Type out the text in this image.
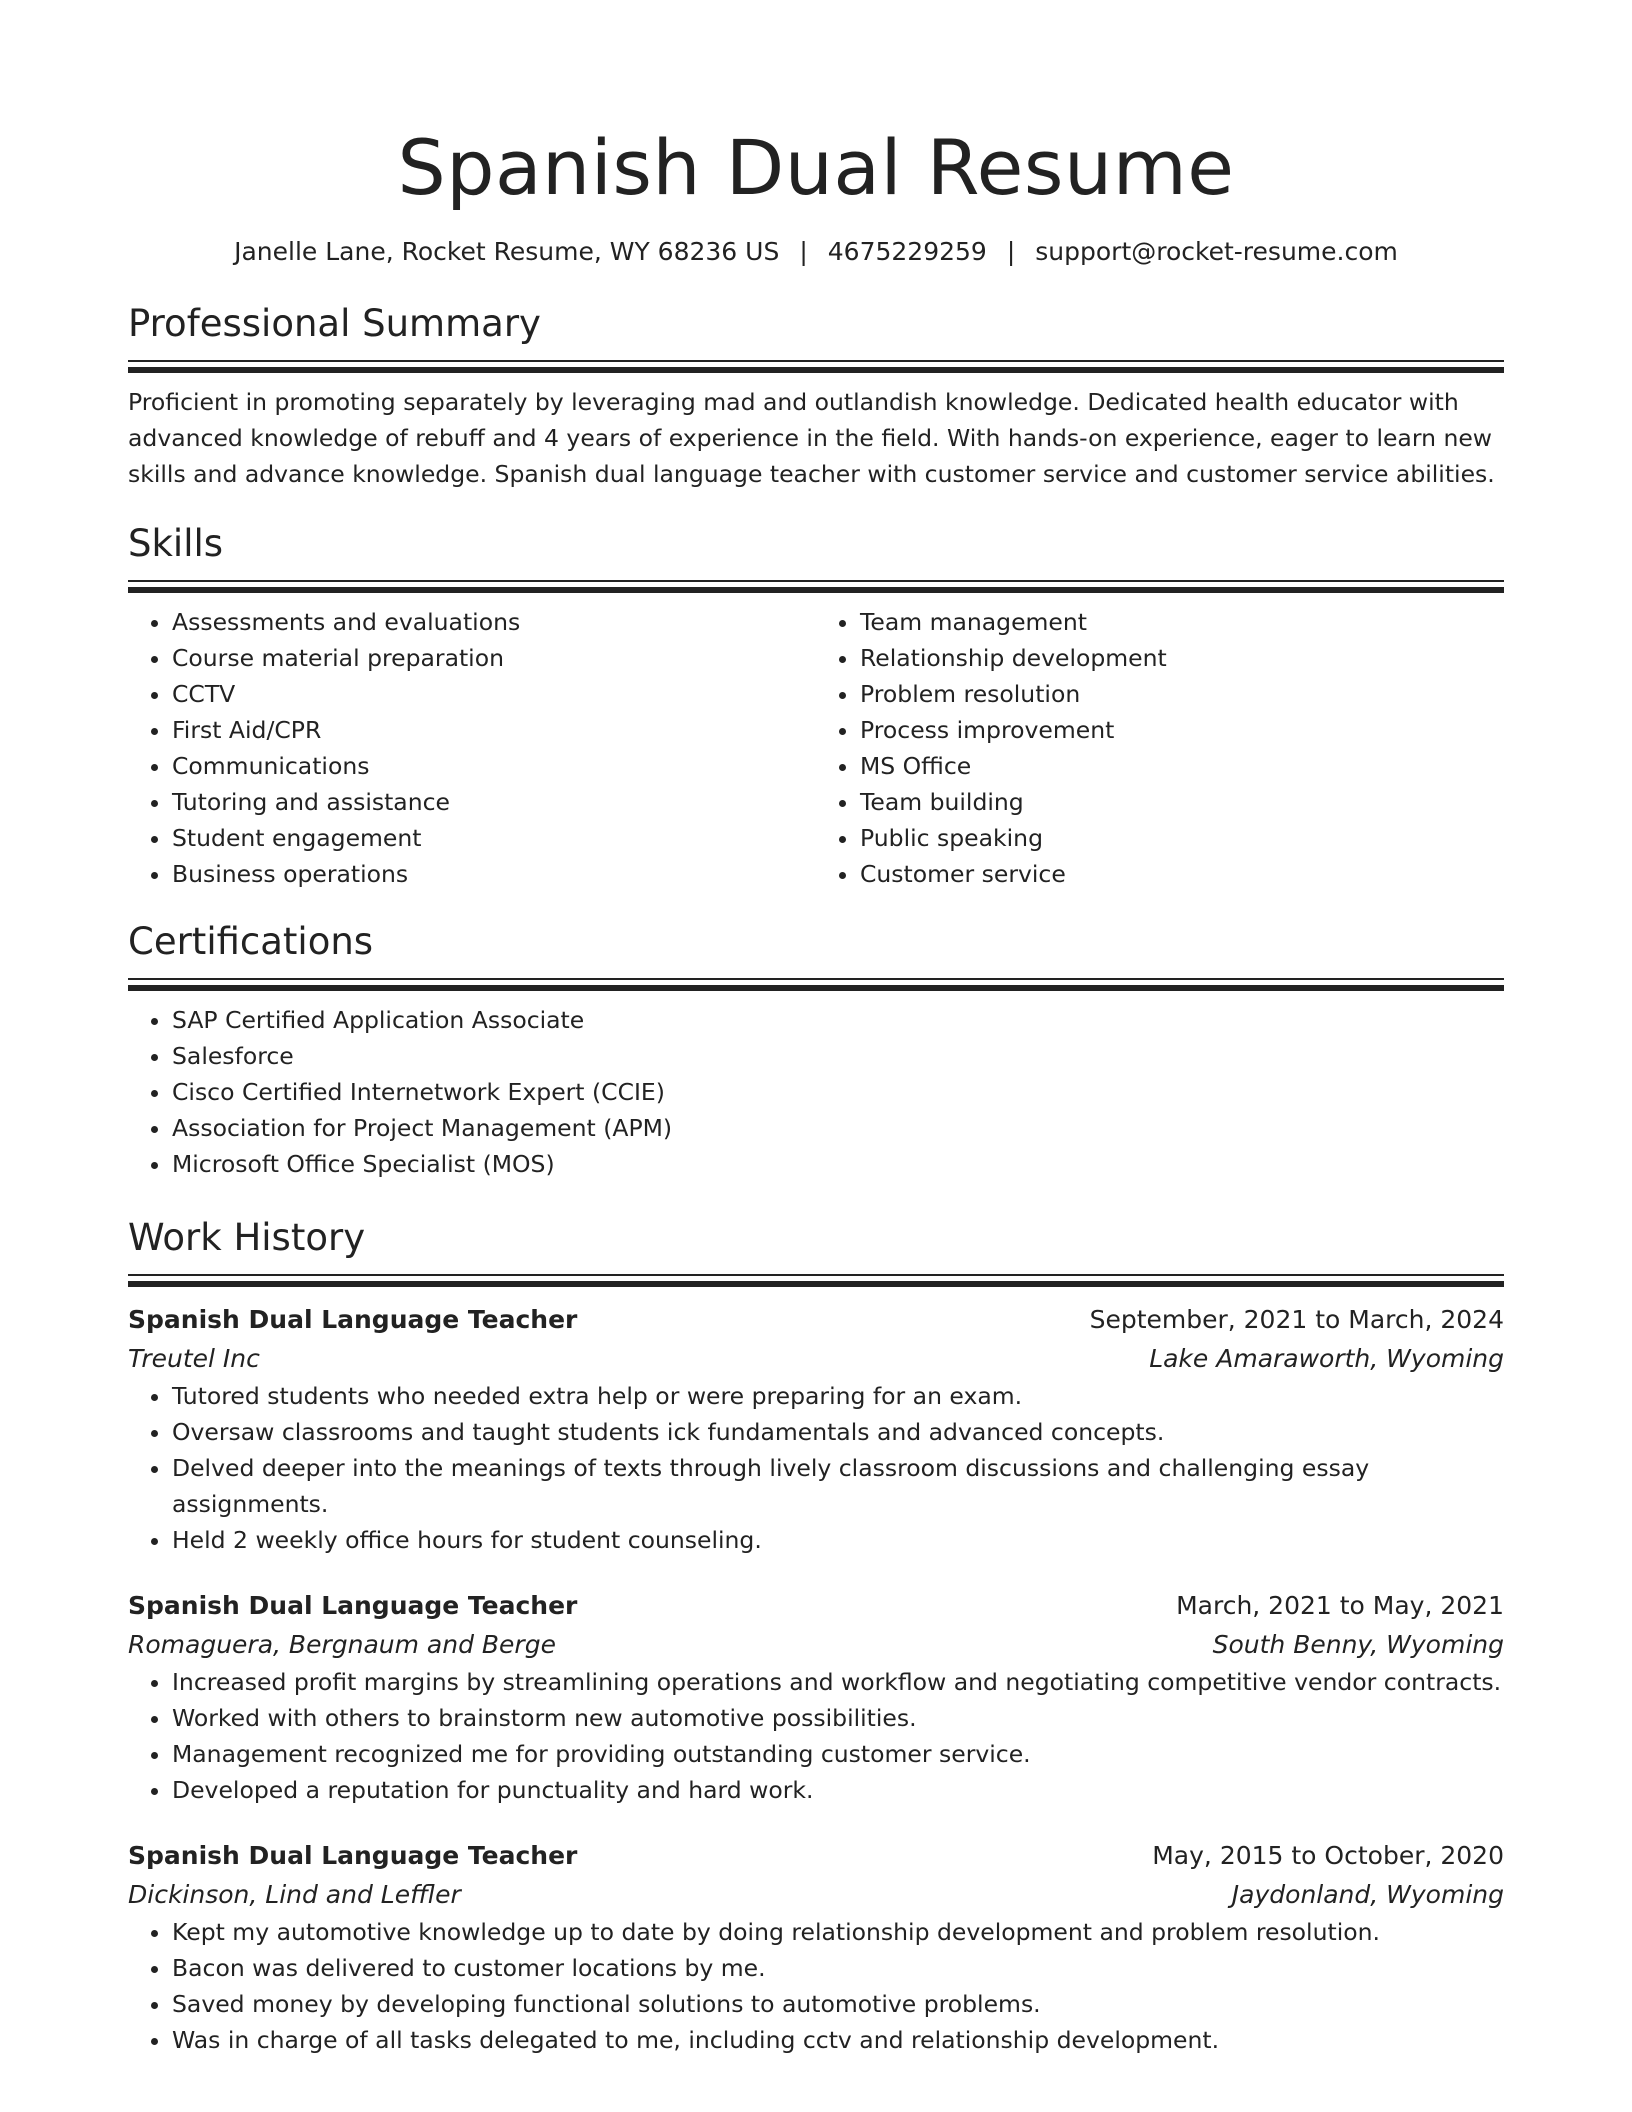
Spanish Dual Resume
Janelle Lane, Rocket Resume, WY 68236 US | 4675229259 | support@rocket-resume.com
Professional Summary

Proficient in promoting separately by leveraging mad and outlandish knowledge. Dedicated health educator with advanced knowledge of rebuff and 4 years of experience in the field. With hands-on experience, eager to learn new skills and advance knowledge. Spanish dual language teacher with customer service and customer service abilities.

Skills
• Assessments and evaluations
• Course material preparation
• CCTV
• First Aid/CPR
• Communications
• Tutoring and assistance
• Student engagement
• Business operations
• Team management
• Relationship development
• Problem resolution
• Process improvement
• MS Office
• Team building
• Public speaking
• Customer service
Certifications
• SAP Certified Application Associate
• Salesforce
• Cisco Certified Internetwork Expert (CCIE)
• Association for Project Management (APM)
• Microsoft Office Specialist (MOS)
Work History
Spanish Dual Language Teacher	September, 2021 to March, 2024
Treutel Inc	Lake Amaraworth, Wyoming
• Tutored students who needed extra help or were preparing for an exam.
• Oversaw classrooms and taught students ick fundamentals and advanced concepts.
• Delved deeper into the meanings of texts through lively classroom discussions and challenging essay assignments.
• Held 2 weekly office hours for student counseling.
Spanish Dual Language Teacher	March, 2021 to May, 2021
Romaguera, Bergnaum and Berge	South Benny, Wyoming
• Increased profit margins by streamlining operations and workflow and negotiating competitive vendor contracts.
• Worked with others to brainstorm new automotive possibilities.
• Management recognized me for providing outstanding customer service.
• Developed a reputation for punctuality and hard work.
Spanish Dual Language Teacher	May, 2015 to October, 2020
Dickinson, Lind and Leffler	Jaydonland, Wyoming
• Kept my automotive knowledge up to date by doing relationship development and problem resolution.
• Bacon was delivered to customer locations by me.
• Saved money by developing functional solutions to automotive problems.
• Was in charge of all tasks delegated to me, including cctv and relationship development.
